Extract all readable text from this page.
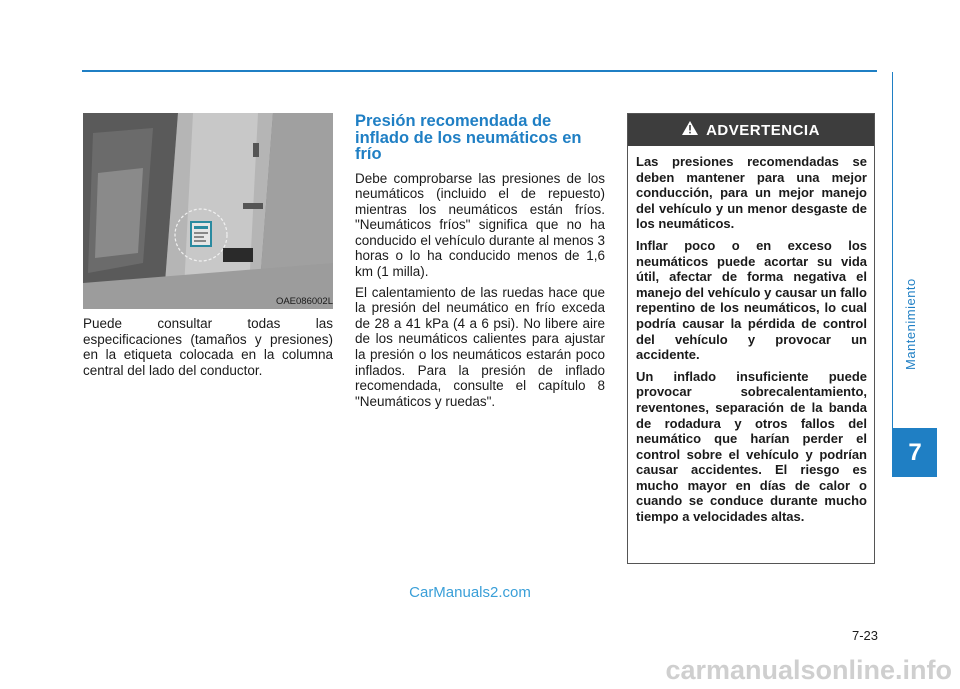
Mantenimiento
7
OAE086002L
Puede consultar todas las especificaciones (tamaños y presiones) en la etiqueta colocada en la columna central del lado del conductor.
Presión recomendada de inflado de los neumáticos en frío

Debe comprobarse las presiones de los neumáticos (incluido el de repuesto) mientras los neumáticos están fríos. "Neumáticos fríos" significa que no ha conducido el vehículo durante al menos 3 horas o lo ha conducido menos de 1,6 km (1 milla).

El calentamiento de las ruedas hace que la presión del neumático en frío exceda de 28 a 41 kPa (4 a 6 psi). No libere aire de los neumáticos calientes para ajustar la presión o los neumáticos estarán poco inflados. Para la presión de inflado recomendada, consulte el capítulo 8 "Neumáticos y ruedas".

ADVERTENCIA

Las presiones recomendadas se deben mantener para una mejor conducción, para un mejor manejo del vehículo y un menor desgaste de los neumáticos.

Inflar poco o en exceso los neumáticos puede acortar su vida útil, afectar de forma negativa el manejo del vehículo y causar un fallo repentino de los neumáticos, lo cual podría causar la pérdida de control del vehículo y provocar un accidente.

Un inflado insuficiente puede provocar sobrecalentamiento, reventones, separación de la banda de rodadura y otros fallos del neumático que harían perder el control sobre el vehículo y podrían causar accidentes. El riesgo es mucho mayor en días de calor o cuando se conduce durante mucho tiempo a velocidades altas.

CarManuals2.com
7-23
carmanualsonline.info
